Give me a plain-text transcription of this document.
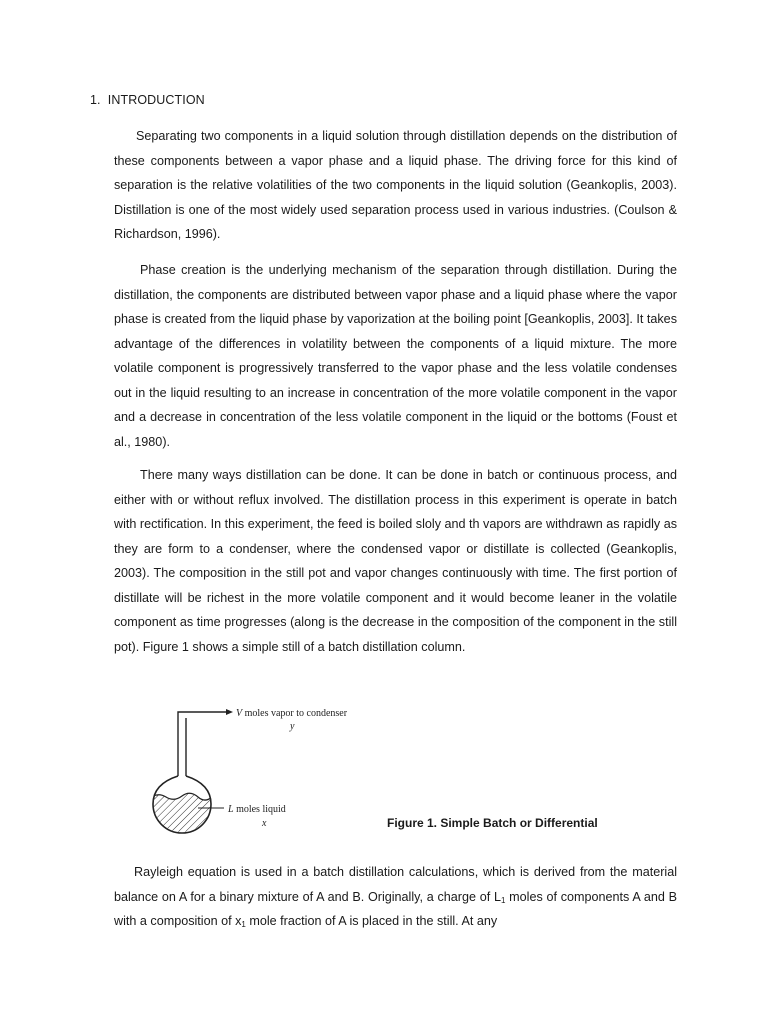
1.  INTRODUCTION

Separating two components in a liquid solution through distillation depends on the distribution of these components between a vapor phase and a liquid phase. The driving force for this kind of separation is the relative volatilities of the two components in the liquid solution (Geankoplis, 2003). Distillation is one of the most widely used separation process used in various industries. (Coulson & Richardson, 1996).

Phase creation is the underlying mechanism of the separation through distillation. During the distillation, the components are distributed between vapor phase and a liquid phase where the vapor phase is created from the liquid phase by vaporization at the boiling point [Geankoplis, 2003]. It takes advantage of the differences in volatility between the components of a liquid mixture. The more volatile component is progressively transferred to the vapor phase and the less volatile condenses out in the liquid resulting to an increase in concentration of the more volatile component in the vapor and a decrease in concentration of the less volatile component in the liquid or the bottoms (Foust et al., 1980).

There many ways distillation can be done. It can be done in batch or continuous process, and either with or without reflux involved. The distillation process in this experiment is operate in batch with rectification. In this experiment, the feed is boiled sloly and th vapors are withdrawn as rapidly as they are form to a condenser, where the condensed vapor or distillate is collected (Geankoplis, 2003). The composition in the still pot and vapor changes continuously with time. The first portion of distillate will be richest in the more volatile component and it would become leaner in the volatile component as time progresses (along is the decrease in the composition of the component in the still pot). Figure 1 shows a simple still of a batch distillation column.

V moles vapor to condenser
y
L moles liquid
x	Figure 1. Simple Batch or Differential

Rayleigh equation is used in a batch distillation calculations, which is derived from the material balance on A for a binary mixture of A and B. Originally, a charge of $L_1$ moles of components A and B with a composition of $x_1$ mole fraction of A is placed in the still. At any
